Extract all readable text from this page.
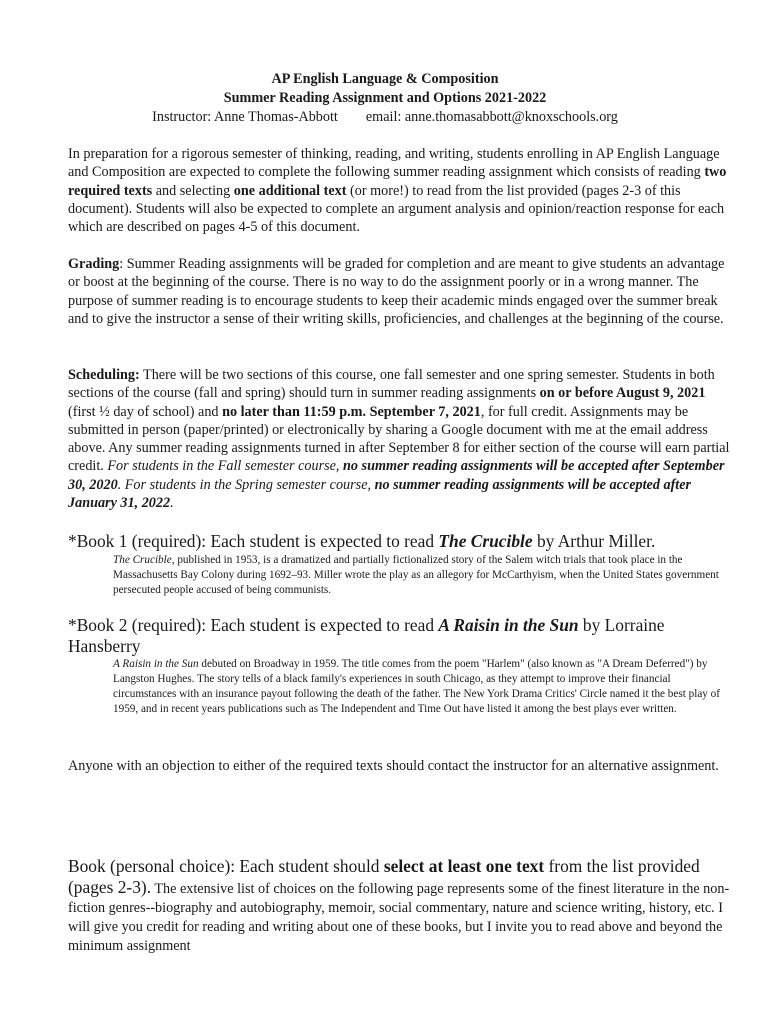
AP English Language & Composition
Summer Reading Assignment and Options 2021-2022
Instructor: Anne Thomas-Abbott email: anne.thomasabbott@knoxschools.org

In preparation for a rigorous semester of thinking, reading, and writing, students enrolling in AP English Language and Composition are expected to complete the following summer reading assignment which consists of reading two required texts and selecting one additional text (or more!) to read from the list provided (pages 2-3 of this document). Students will also be expected to complete an argument analysis and opinion/reaction response for each which are described on pages 4-5 of this document.

Grading: Summer Reading assignments will be graded for completion and are meant to give students an advantage or boost at the beginning of the course. There is no way to do the assignment poorly or in a wrong manner. The purpose of summer reading is to encourage students to keep their academic minds engaged over the summer break and to give the instructor a sense of their writing skills, proficiencies, and challenges at the beginning of the course.

Scheduling: There will be two sections of this course, one fall semester and one spring semester. Students in both sections of the course (fall and spring) should turn in summer reading assignments on or before August 9, 2021 (first ½ day of school) and no later than 11:59 p.m. September 7, 2021, for full credit. Assignments may be submitted in person (paper/printed) or electronically by sharing a Google document with me at the email address above. Any summer reading assignments turned in after September 8 for either section of the course will earn partial credit. For students in the Fall semester course, no summer reading assignments will be accepted after September 30, 2020. For students in the Spring semester course, no summer reading assignments will be accepted after January 31, 2022.

*Book 1 (required): Each student is expected to read The Crucible by Arthur Miller.

The Crucible, published in 1953, is a dramatized and partially fictionalized story of the Salem witch trials that took place in the Massachusetts Bay Colony during 1692–93. Miller wrote the play as an allegory for McCarthyism, when the United States government persecuted people accused of being communists.

*Book 2 (required): Each student is expected to read A Raisin in the Sun by Lorraine Hansberry

A Raisin in the Sun debuted on Broadway in 1959. The title comes from the poem "Harlem" (also known as "A Dream Deferred") by Langston Hughes. The story tells of a black family's experiences in south Chicago, as they attempt to improve their financial circumstances with an insurance payout following the death of the father. The New York Drama Critics' Circle named it the best play of 1959, and in recent years publications such as The Independent and Time Out have listed it among the best plays ever written.

Anyone with an objection to either of the required texts should contact the instructor for an alternative assignment.

Book (personal choice): Each student should select at least one text from the list provided (pages 2-3). The extensive list of choices on the following page represents some of the finest literature in the non-fiction genres--biography and autobiography, memoir, social commentary, nature and science writing, history, etc. I will give you credit for reading and writing about one of these books, but I invite you to read above and beyond the minimum assignment
